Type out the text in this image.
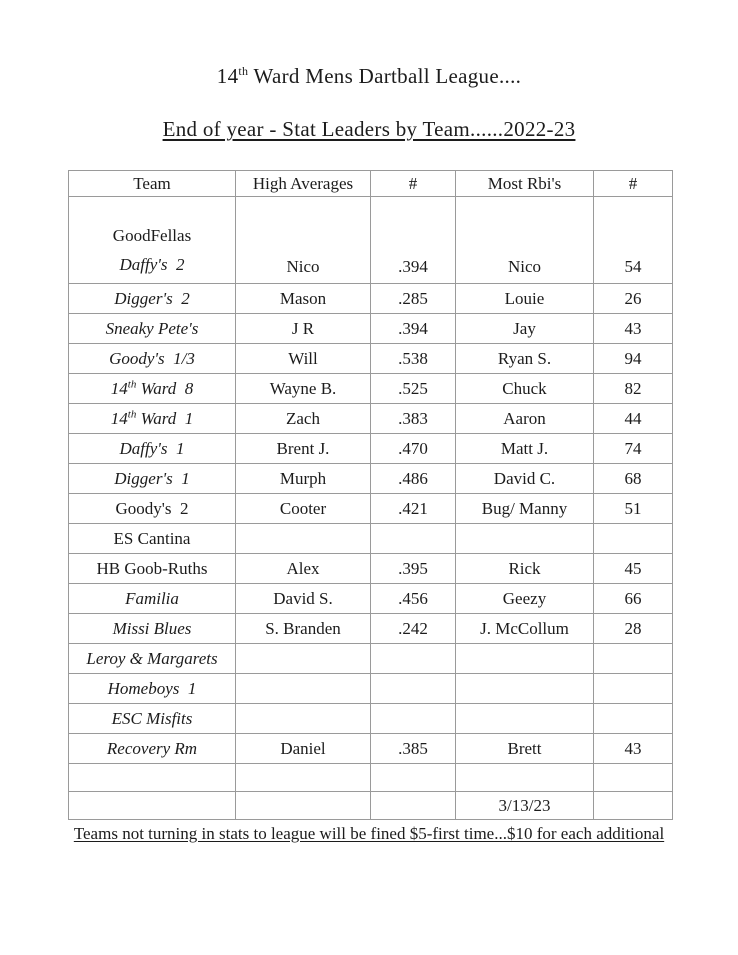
14th Ward Mens Dartball League....
End of year - Stat Leaders by Team......2022-23
Team	High Averages	#	Most Rbi's	#

GoodFellas
Daffy's  2	Nico	.394	Nico	54

Digger's  2	Mason	.285	Louie	26

Sneaky Pete's	J R	.394	Jay	43

Goody's  1/3	Will	.538	Ryan S.	94

14th Ward  8	Wayne B.	.525	Chuck	82

14th Ward  1	Zach	.383	Aaron	44

Daffy's  1	Brent J.	.470	Matt J.	74

Digger's  1	Murph	.486	David C.	68

Goody's  2	Cooter	.421	Bug/ Manny	51

ES Cantina				

HB Goob-Ruths	Alex	.395	Rick	45

Familia	David S.	.456	Geezy	66

Missi Blues	S. Branden	.242	J. McCollum	28

Leroy & Margarets				

Homeboys  1				

ESC Misfits				

Recovery Rm	Daniel	.385	Brett	43

			3/13/23	
Teams not turning in stats to league will be fined $5-first time...$10 for each additional
